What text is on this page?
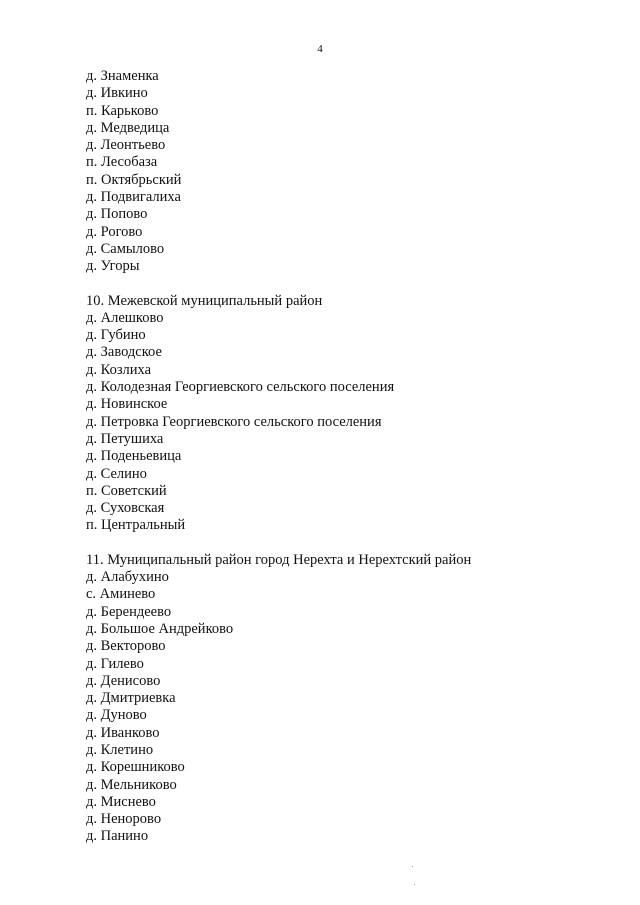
4
д. Знаменка
д. Ивкино
п. Карьково
д. Медведица
д. Леонтьево
п. Лесобаза
п. Октябрьский
д. Подвигалиха
д. Попово
д. Рогово
д. Самылово
д. Угоры
10. Межевской муниципальный район
д. Алешково
д. Губино
д. Заводское
д. Козлиха
д. Колодезная Георгиевского сельского поселения
д. Новинское
д. Петровка Георгиевского сельского поселения
д. Петушиха
д. Поденьевица
д. Селино
п. Советский
д. Суховская
п. Центральный
11. Муниципальный район город Нерехта и Нерехтский район
д. Алабухино
с. Аминево
д. Берендеево
д. Большое Андрейково
д. Векторово
д. Гилево
д. Денисово
д. Дмитриевка
д. Дуново
д. Иванково
д. Клетино
д. Корешниково
д. Мельниково
д. Миснево
д. Неноровo
д. Панино
